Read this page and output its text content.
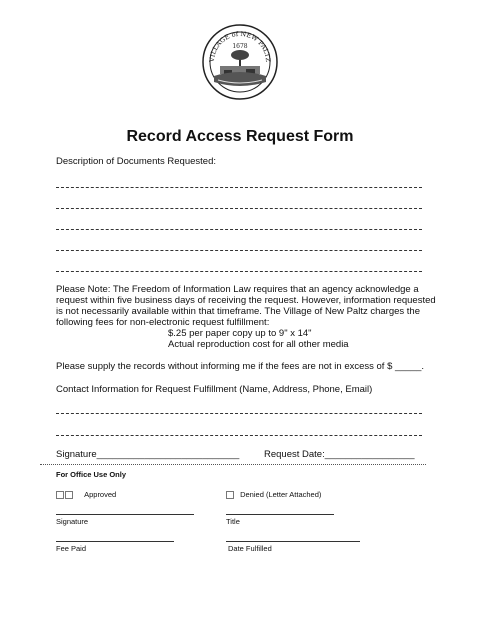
VILLAGE of NEW PALTZ
1678
Record Access Request Form
Description of Documents Requested:
Please Note: The Freedom of Information Law requires that an agency acknowledge a request within five business days of receiving the request. However, information requested is not necessarily available within that timeframe. The Village of New Paltz charges the following fees for non-electronic request fulfillment:
$.25 per paper copy up to 9" x 14"
Actual reproduction cost for all other media
Please supply the records without informing me if the fees are not in excess of $ _____.
Contact Information for Request Fulfillment (Name, Address, Phone, Email)
Signature___________________________	Request Date:_________________
For Office Use Only
Approved	Denied (Letter Attached)
Signature	Title
Fee Paid	Date Fulfilled
